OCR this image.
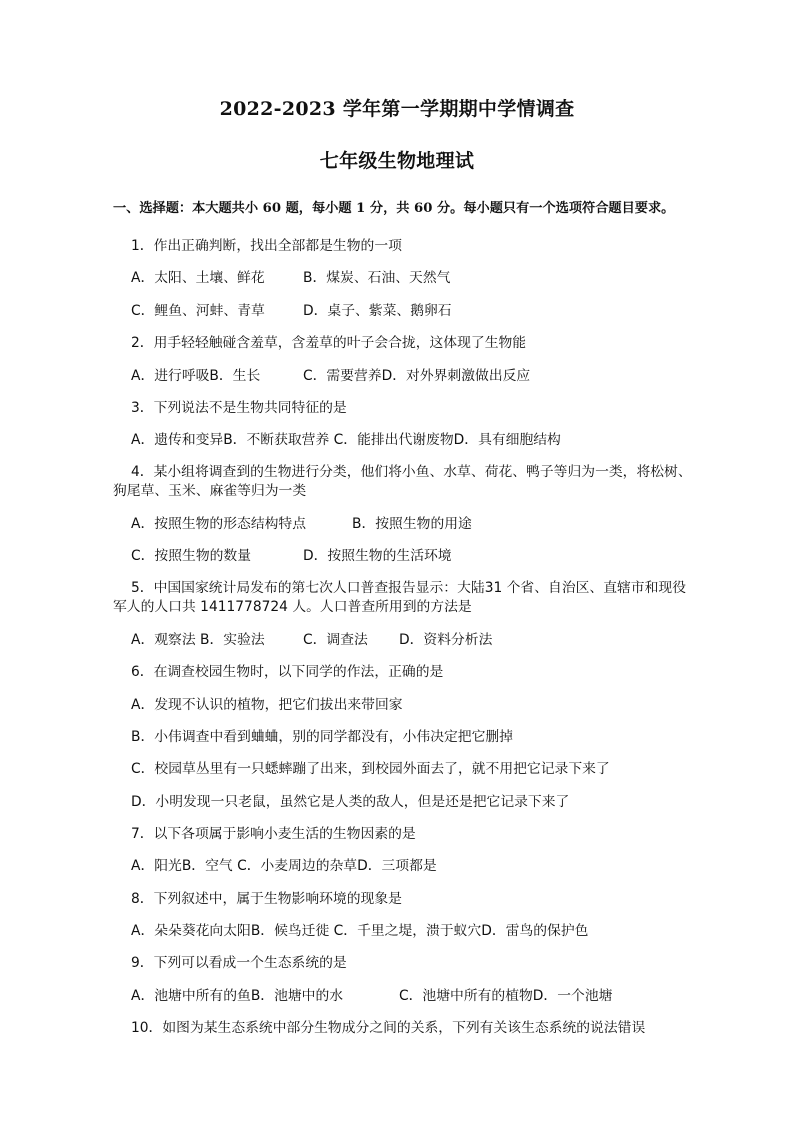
2022-2023 学年第一学期期中学情调查
七年级生物地理试
一、选择题：本大题共小 60 题，每小题 1 分，共 60 分。每小题只有一个选项符合题目要求。
1．作出正确判断，找出全部都是生物的一项
A．太阳、土壤、鲜花	B．煤炭、石油、天然气
C．鲤鱼、河蚌、青草	D．桌子、紫菜、鹅卵石
2．用手轻轻触碰含羞草，含羞草的叶子会合拢，这体现了生物能
A．进行呼吸B．生长	C．需要营养D．对外界刺激做出反应
3．下列说法不是生物共同特征的是
A．遗传和变异B．不断获取营养 C．能排出代谢废物D．具有细胞结构
4．某小组将调查到的生物进行分类，他们将小鱼、水草、荷花、鸭子等归为一类，将松树、狗尾草、玉米、麻雀等归为一类
A．按照生物的形态结构特点	B．按照生物的用途
C．按照生物的数量	D．按照生物的生活环境
5．中国国家统计局发布的第七次人口普查报告显示：大陆31 个省、自治区、直辖市和现役军人的人口共 1411778724 人。人口普查所用到的方法是
A．观察法 B．实验法	C．调查法 D．资料分析法
6．在调查校园生物时，以下同学的作法，正确的是
A．发现不认识的植物，把它们拔出来带回家
B．小伟调查中看到蛐蛐，别的同学都没有，小伟决定把它删掉
C．校园草丛里有一只蟋蟀蹦了出来，到校园外面去了，就不用把它记录下来了
D．小明发现一只老鼠，虽然它是人类的敌人，但是还是把它记录下来了
7．以下各项属于影响小麦生活的生物因素的是
A．阳光B．空气 C．小麦周边的杂草D．三项都是
8．下列叙述中，属于生物影响环境的现象是
A．朵朵葵花向太阳B．候鸟迁徙 C．千里之堤，溃于蚁穴D．雷鸟的保护色
9．下列可以看成一个生态系统的是
A．池塘中所有的鱼B．池塘中的水	C．池塘中所有的植物D．一个池塘
10．如图为某生态系统中部分生物成分之间的关系，下列有关该生态系统的说法错误
